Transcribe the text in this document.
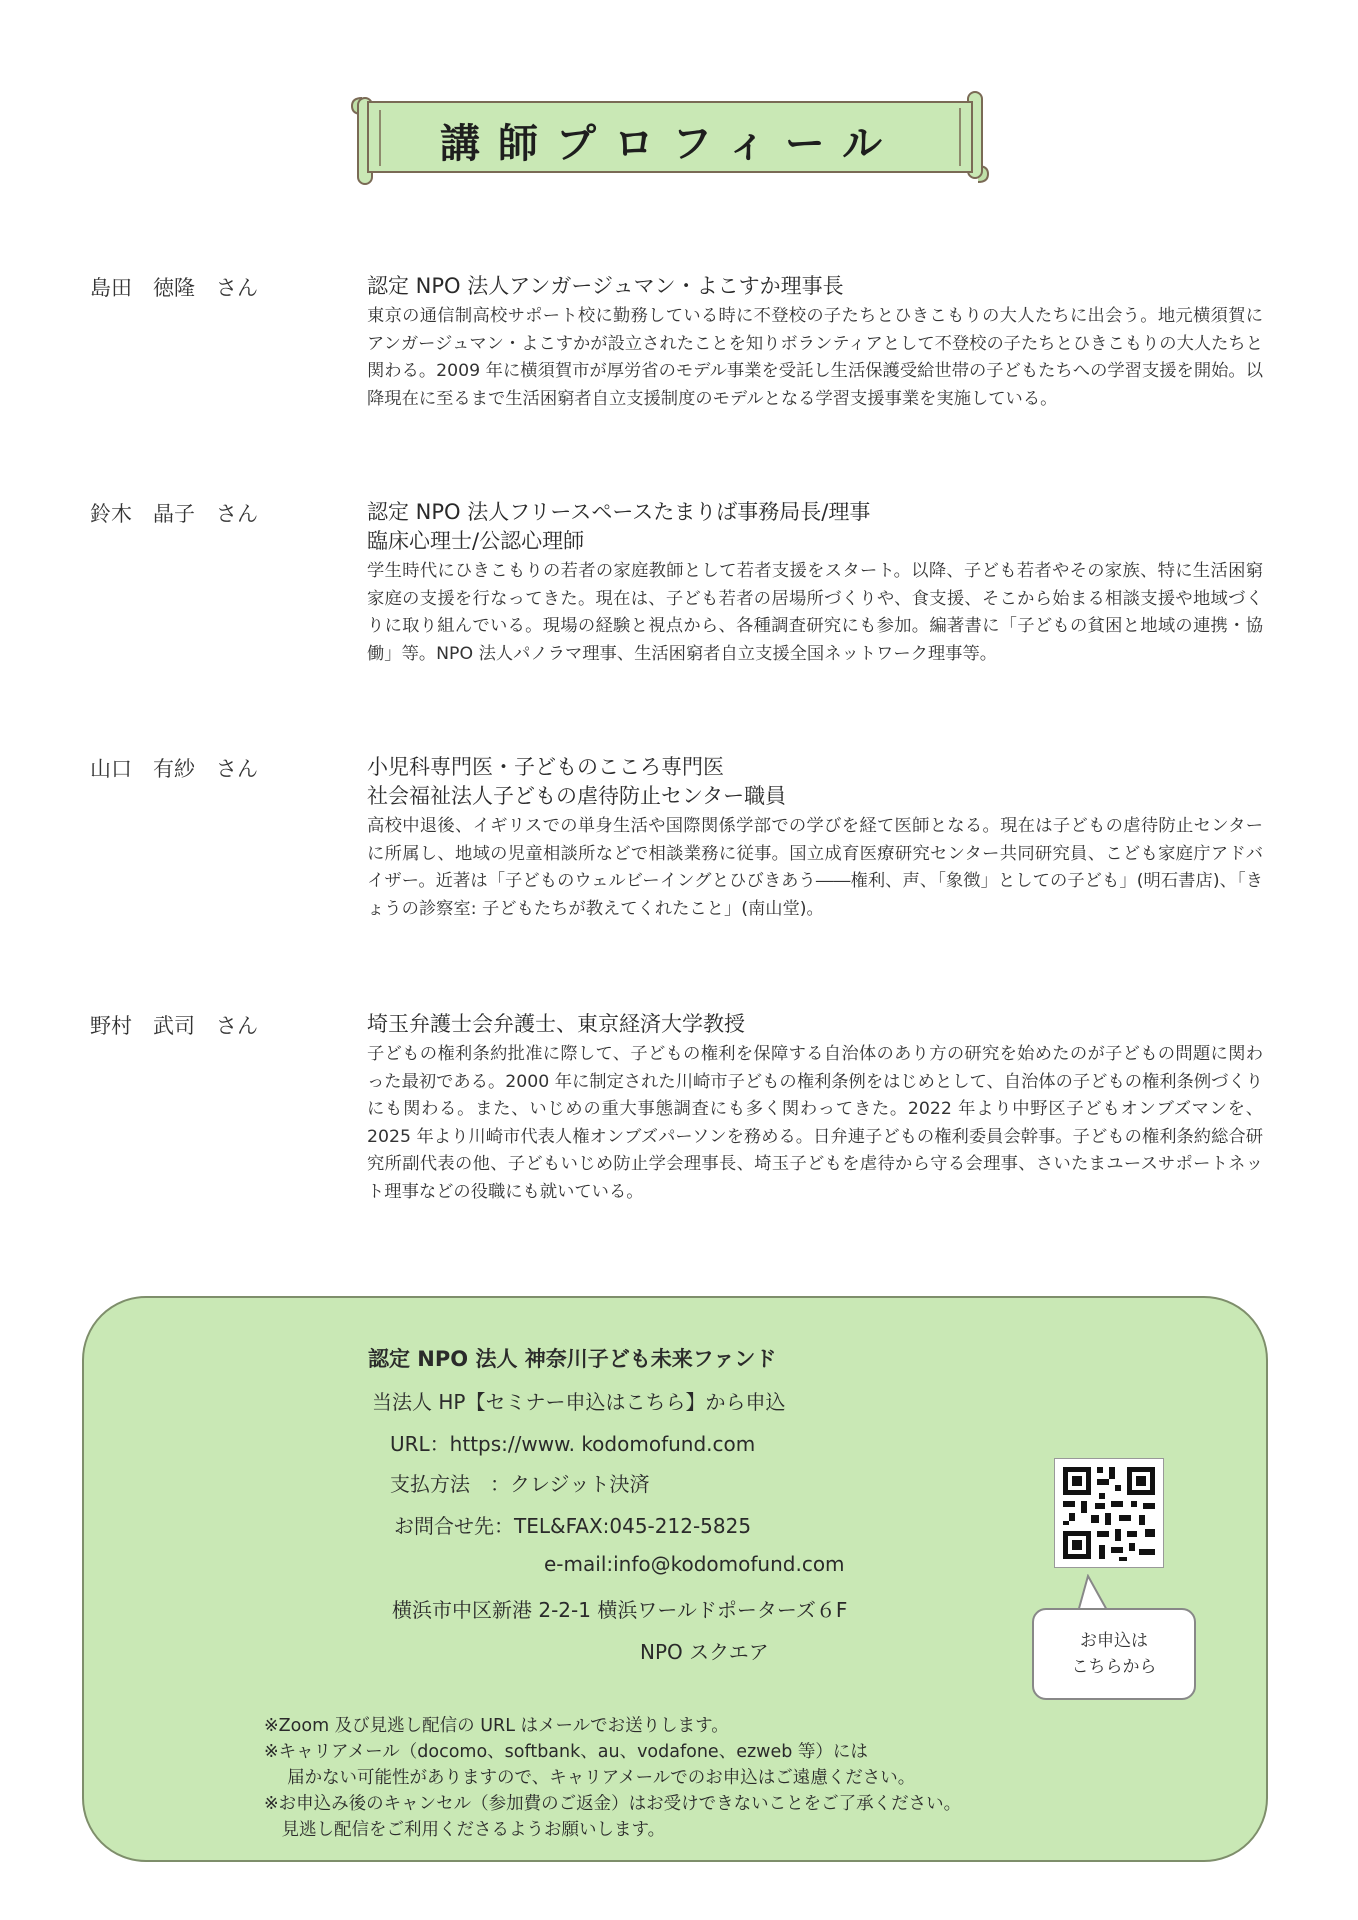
講師プロフィール
島田　徳隆　さん	認定 NPO 法人アンガージュマン・よこすか理事長
東京の通信制高校サポート校に勤務している時に不登校の子たちとひきこもりの大人たちに出会う。地元横須賀にアンガージュマン・よこすかが設立されたことを知りボランティアとして不登校の子たちとひきこもりの大人たちと関わる。2009 年に横須賀市が厚労省のモデル事業を受託し生活保護受給世帯の子どもたちへの学習支援を開始。以降現在に至るまで生活困窮者自立支援制度のモデルとなる学習支援事業を実施している。
鈴木　晶子　さん	認定 NPO 法人フリースペースたまりば事務局長/理事
臨床心理士/公認心理師
学生時代にひきこもりの若者の家庭教師として若者支援をスタート。以降、子ども若者やその家族、特に生活困窮家庭の支援を行なってきた。現在は、子ども若者の居場所づくりや、食支援、そこから始まる相談支援や地域づくりに取り組んでいる。現場の経験と視点から、各種調査研究にも参加。編著書に「子どもの貧困と地域の連携・協働」等。NPO 法人パノラマ理事、生活困窮者自立支援全国ネットワーク理事等。
山口　有紗　さん	小児科専門医・子どものこころ専門医
社会福祉法人子どもの虐待防止センター職員
高校中退後、イギリスでの単身生活や国際関係学部での学びを経て医師となる。現在は子どもの虐待防止センターに所属し、地域の児童相談所などで相談業務に従事。国立成育医療研究センター共同研究員、こども家庭庁アドバイザー。近著は「子どものウェルビーイングとひびきあう――権利、声、「象徴」としての子ども」(明石書店)、「きょうの診察室: 子どもたちが教えてくれたこと」(南山堂)。
野村　武司　さん	埼玉弁護士会弁護士、東京経済大学教授
子どもの権利条約批准に際して、子どもの権利を保障する自治体のあり方の研究を始めたのが子どもの問題に関わった最初である。2000 年に制定された川崎市子どもの権利条例をはじめとして、自治体の子どもの権利条例づくりにも関わる。また、いじめの重大事態調査にも多く関わってきた。2022 年より中野区子どもオンブズマンを、2025 年より川崎市代表人権オンブズパーソンを務める。日弁連子どもの権利委員会幹事。子どもの権利条約総合研究所副代表の他、子どもいじめ防止学会理事長、埼玉子どもを虐待から守る会理事、さいたまユースサポートネット理事などの役職にも就いている。
認定 NPO 法人 神奈川子ども未来ファンド
当法人 HP【セミナー申込はこちら】から申込
URL：https://www. kodomofund.com
支払方法　：クレジット決済
お問合せ先：TEL&FAX:045-212-5825
e-mail:info@kodomofund.com
横浜市中区新港 2-2-1 横浜ワールドポーターズ６F
NPO スクエア	お申込は
こちらから
※Zoom 及び見逃し配信の URL はメールでお送りします。
※キャリアメール（docomo、softbank、au、vodafone、ezweb 等）には
　 届かない可能性がありますので、キャリアメールでのお申込はご遠慮ください。
※お申込み後のキャンセル（参加費のご返金）はお受けできないことをご了承ください。
　見逃し配信をご利用くださるようお願いします。
